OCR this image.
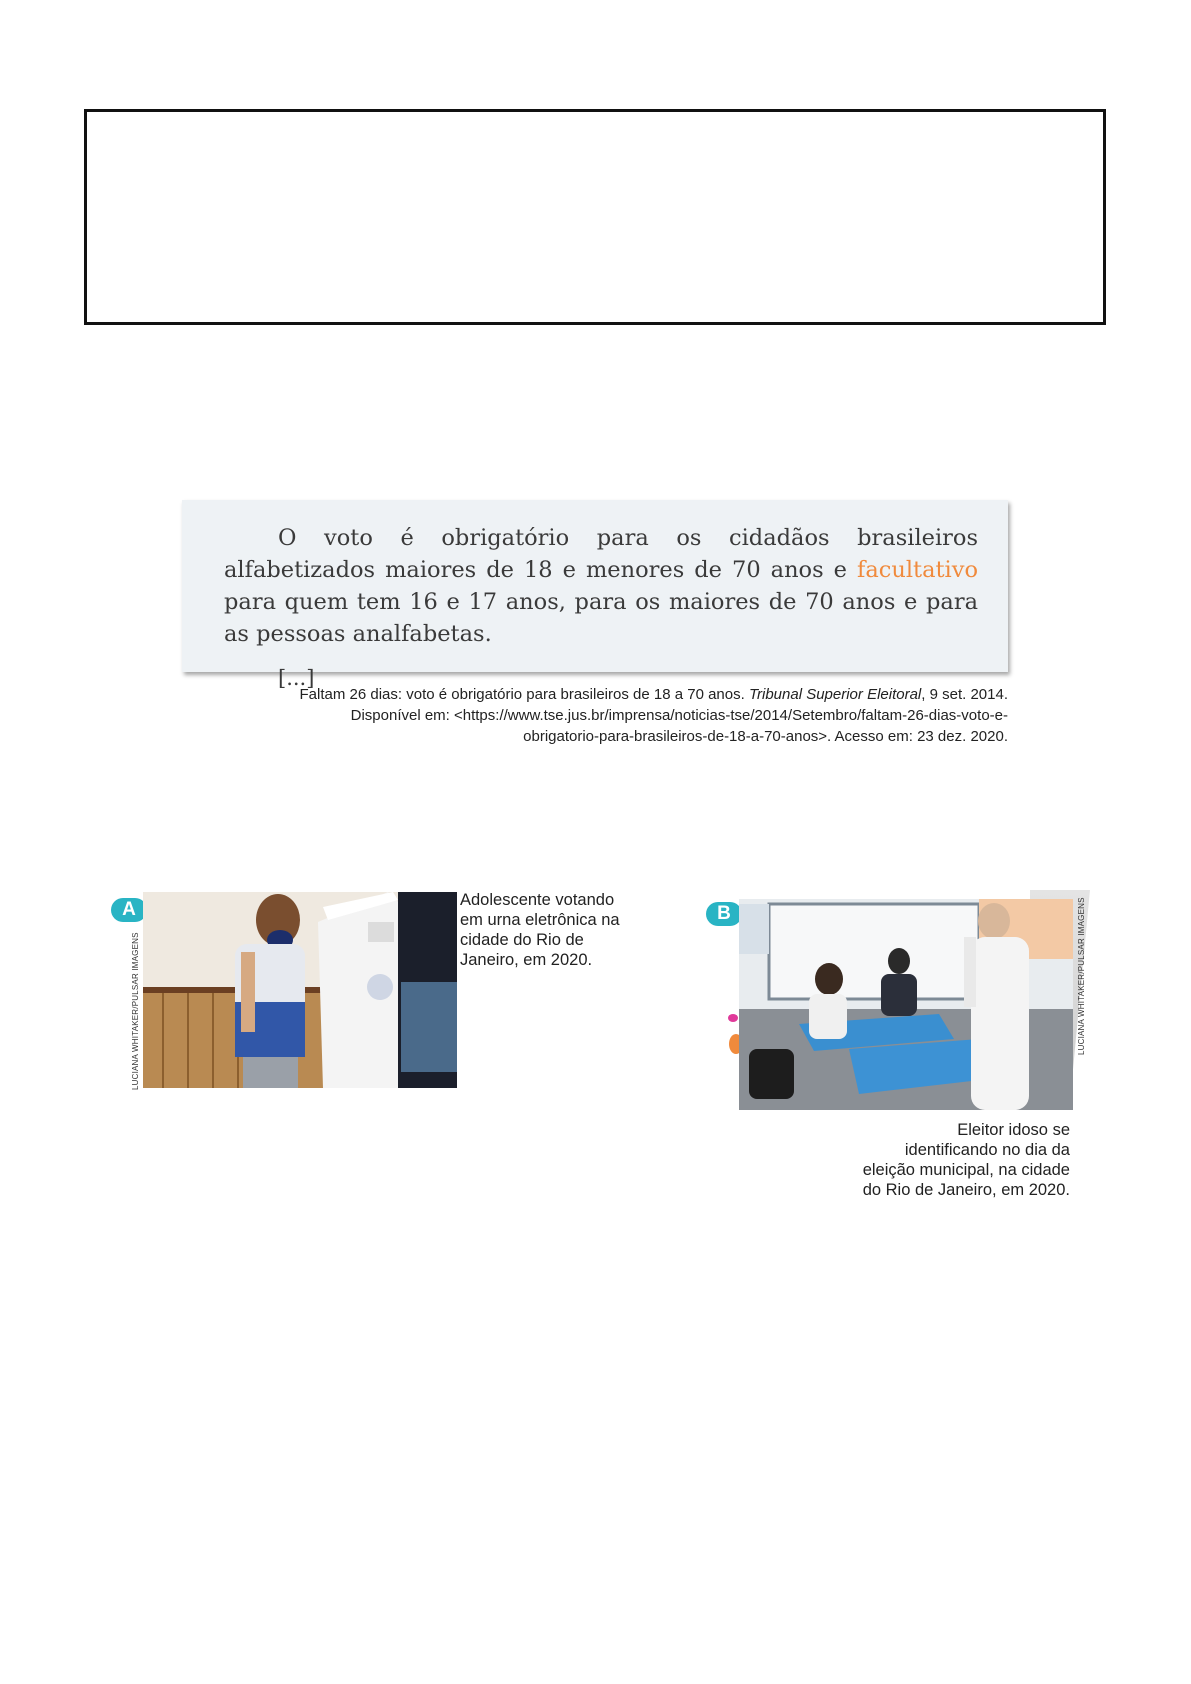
O voto é obrigatório para os cidadãos brasileiros alfabetizados maiores de 18 e menores de 70 anos e facultativo para quem tem 16 e 17 anos, para os maiores de 70 anos e para as pessoas analfabetas.

[...]
Faltam 26 dias: voto é obrigatório para brasileiros de 18 a 70 anos. Tribunal Superior Eleitoral, 9 set. 2014.
Disponível em: <https://www.tse.jus.br/imprensa/noticias-tse/2014/Setembro/faltam-26-dias-voto-e-
obrigatorio-para-brasileiros-de-18-a-70-anos>. Acesso em: 23 dez. 2020.
A
LUCIANA WHITAKER/PULSAR IMAGENS
Adolescente votando
em urna eletrônica na
cidade do Rio de
Janeiro, em 2020.
B	LUCIANA WHITAKER/PULSAR IMAGENS
Eleitor idoso se
identificando no dia da
eleição municipal, na cidade
do Rio de Janeiro, em 2020.
